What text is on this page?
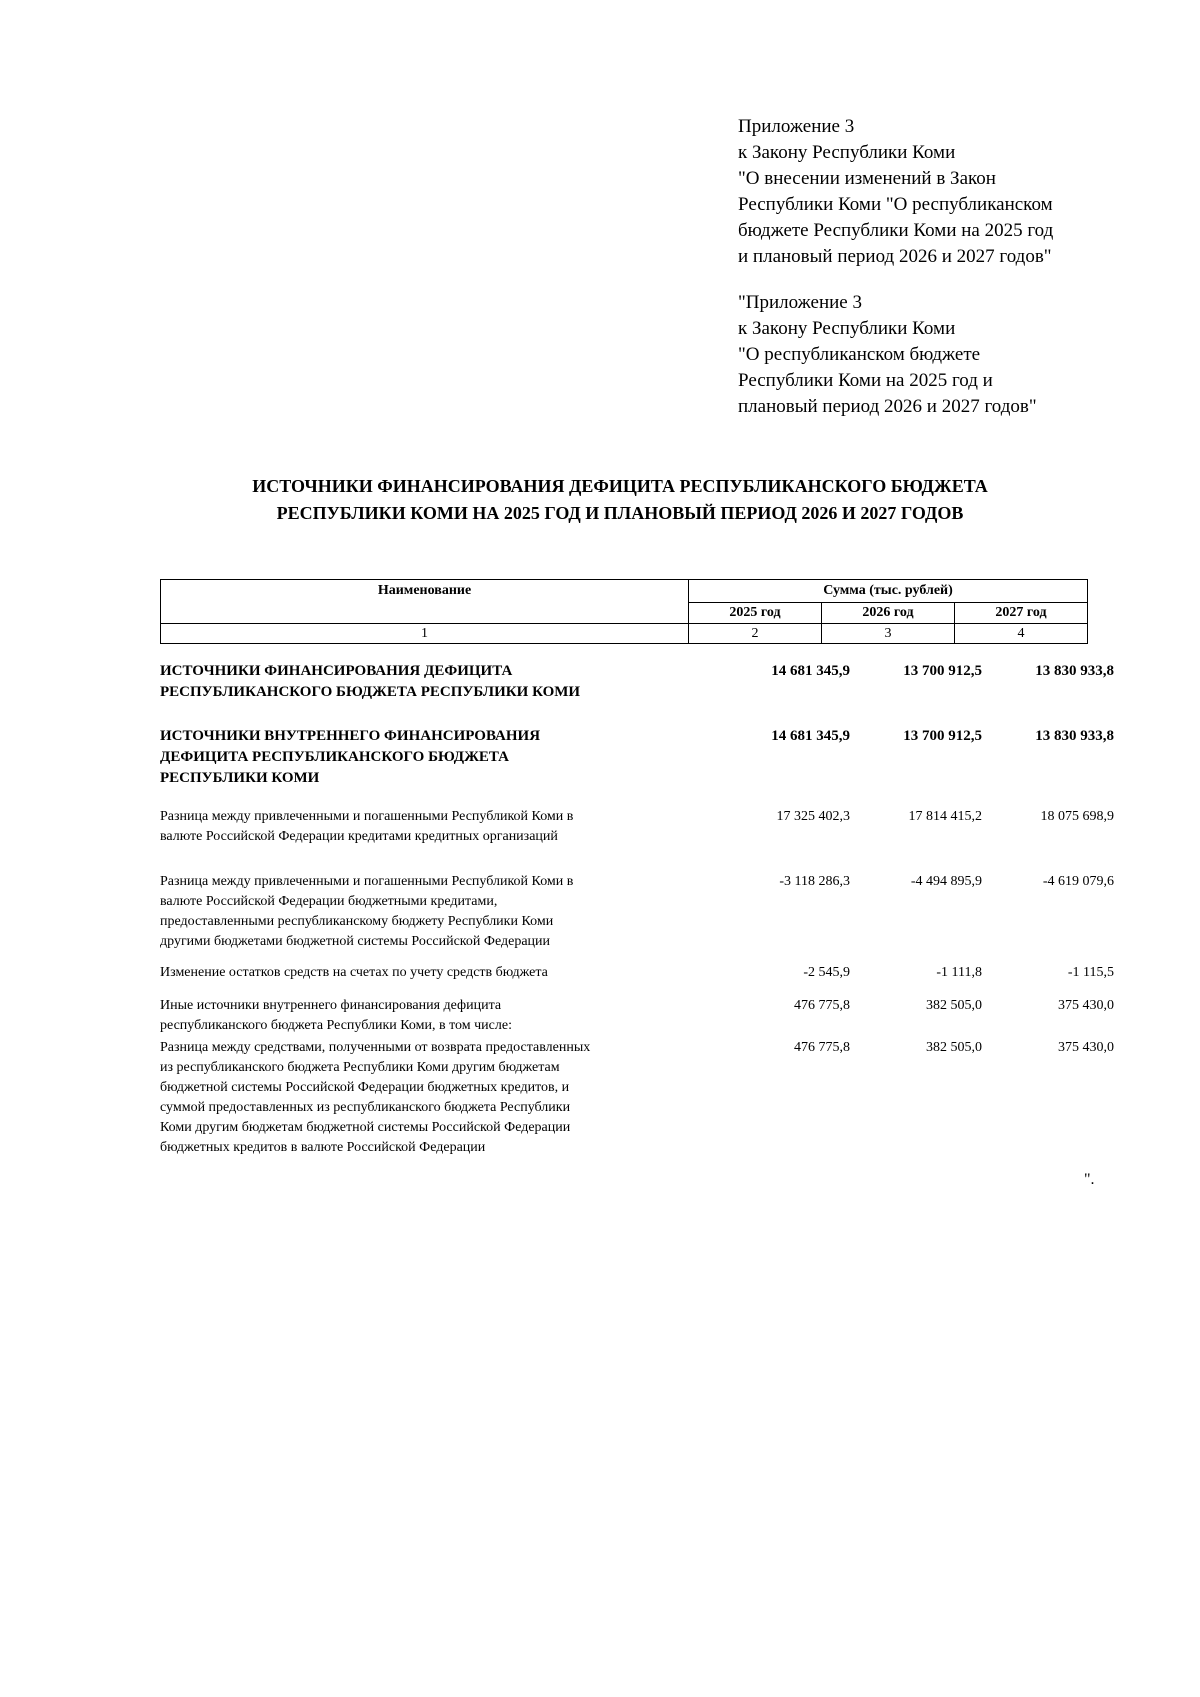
Приложение 3
к Закону Республики Коми
"О внесении изменений в Закон
Республики Коми "О республиканском
бюджете Республики Коми на 2025 год
и плановый период 2026 и 2027 годов"
"Приложение 3
к Закону Республики Коми
"О республиканском бюджете
Республики Коми на 2025 год и
плановый период 2026 и 2027 годов"
ИСТОЧНИКИ ФИНАНСИРОВАНИЯ ДЕФИЦИТА РЕСПУБЛИКАНСКОГО БЮДЖЕТА
РЕСПУБЛИКИ КОМИ НА 2025 ГОД И ПЛАНОВЫЙ ПЕРИОД 2026 И 2027 ГОДОВ
Наименование	Сумма (тыс. рублей)
2025 год	2026 год	2027 год
1	2	3	4
ИСТОЧНИКИ ФИНАНСИРОВАНИЯ ДЕФИЦИТА
РЕСПУБЛИКАНСКОГО БЮДЖЕТА РЕСПУБЛИКИ КОМИ
14 681 345,9	13 700 912,5	13 830 933,8
ИСТОЧНИКИ ВНУТРЕННЕГО ФИНАНСИРОВАНИЯ
ДЕФИЦИТА РЕСПУБЛИКАНСКОГО БЮДЖЕТА
РЕСПУБЛИКИ КОМИ
14 681 345,9	13 700 912,5	13 830 933,8
Разница между привлеченными и погашенными Республикой Коми в
валюте Российской Федерации кредитами кредитных организаций
17 325 402,3	17 814 415,2	18 075 698,9
Разница между привлеченными и погашенными Республикой Коми в
валюте Российской Федерации бюджетными кредитами,
предоставленными республиканскому бюджету Республики Коми
другими бюджетами бюджетной системы Российской Федерации
-3 118 286,3	-4 494 895,9	-4 619 079,6
Изменение остатков средств на счетах по учету средств бюджета	-2 545,9	-1 111,8	-1 115,5
Иные источники внутреннего финансирования дефицита
республиканского бюджета Республики Коми, в том числе:
476 775,8	382 505,0	375 430,0
Разница между средствами, полученными от возврата предоставленных
из республиканского бюджета Республики Коми другим бюджетам
бюджетной системы Российской Федерации бюджетных кредитов, и
суммой предоставленных из республиканского бюджета Республики
Коми другим бюджетам бюджетной системы Российской Федерации
бюджетных кредитов в валюте Российской Федерации
476 775,8	382 505,0	375 430,0
".
